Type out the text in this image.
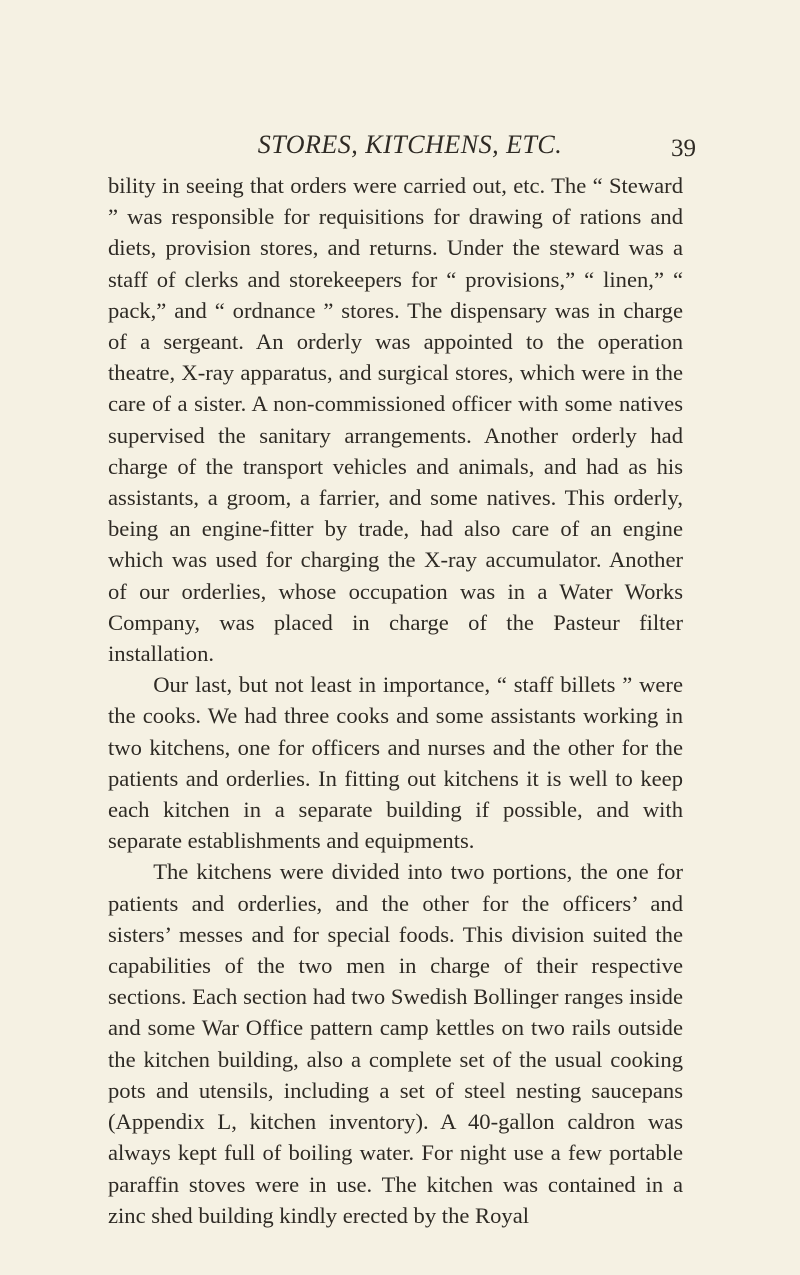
STORES, KITCHENS, ETC.	39

bility in seeing that orders were carried out, etc. The “ Steward ” was responsible for requisitions for drawing of rations and diets, provision stores, and returns. Under the steward was a staff of clerks and storekeepers for “ provisions,” “ linen,” “ pack,” and “ ordnance ” stores. The dispensary was in charge of a sergeant. An orderly was appointed to the operation theatre, X-ray apparatus, and surgical stores, which were in the care of a sister. A non-commissioned officer with some natives supervised the sanitary arrangements. Another orderly had charge of the transport vehicles and animals, and had as his assistants, a groom, a farrier, and some natives. This orderly, being an engine-fitter by trade, had also care of an engine which was used for charging the X-ray accumulator. Another of our orderlies, whose occupation was in a Water Works Company, was placed in charge of the Pasteur filter installation.

Our last, but not least in importance, “ staff billets ” were the cooks. We had three cooks and some assistants working in two kitchens, one for officers and nurses and the other for the patients and orderlies. In fitting out kitchens it is well to keep each kitchen in a separate building if possible, and with separate establishments and equipments.

The kitchens were divided into two portions, the one for patients and orderlies, and the other for the officers’ and sisters’ messes and for special foods. This division suited the capabilities of the two men in charge of their respective sections. Each section had two Swedish Bollinger ranges inside and some War Office pattern camp kettles on two rails outside the kitchen building, also a complete set of the usual cooking pots and utensils, including a set of steel nesting saucepans (Appendix L, kitchen inventory). A 40-gallon caldron was always kept full of boiling water. For night use a few portable paraffin stoves were in use. The kitchen was contained in a zinc shed building kindly erected by the Royal
